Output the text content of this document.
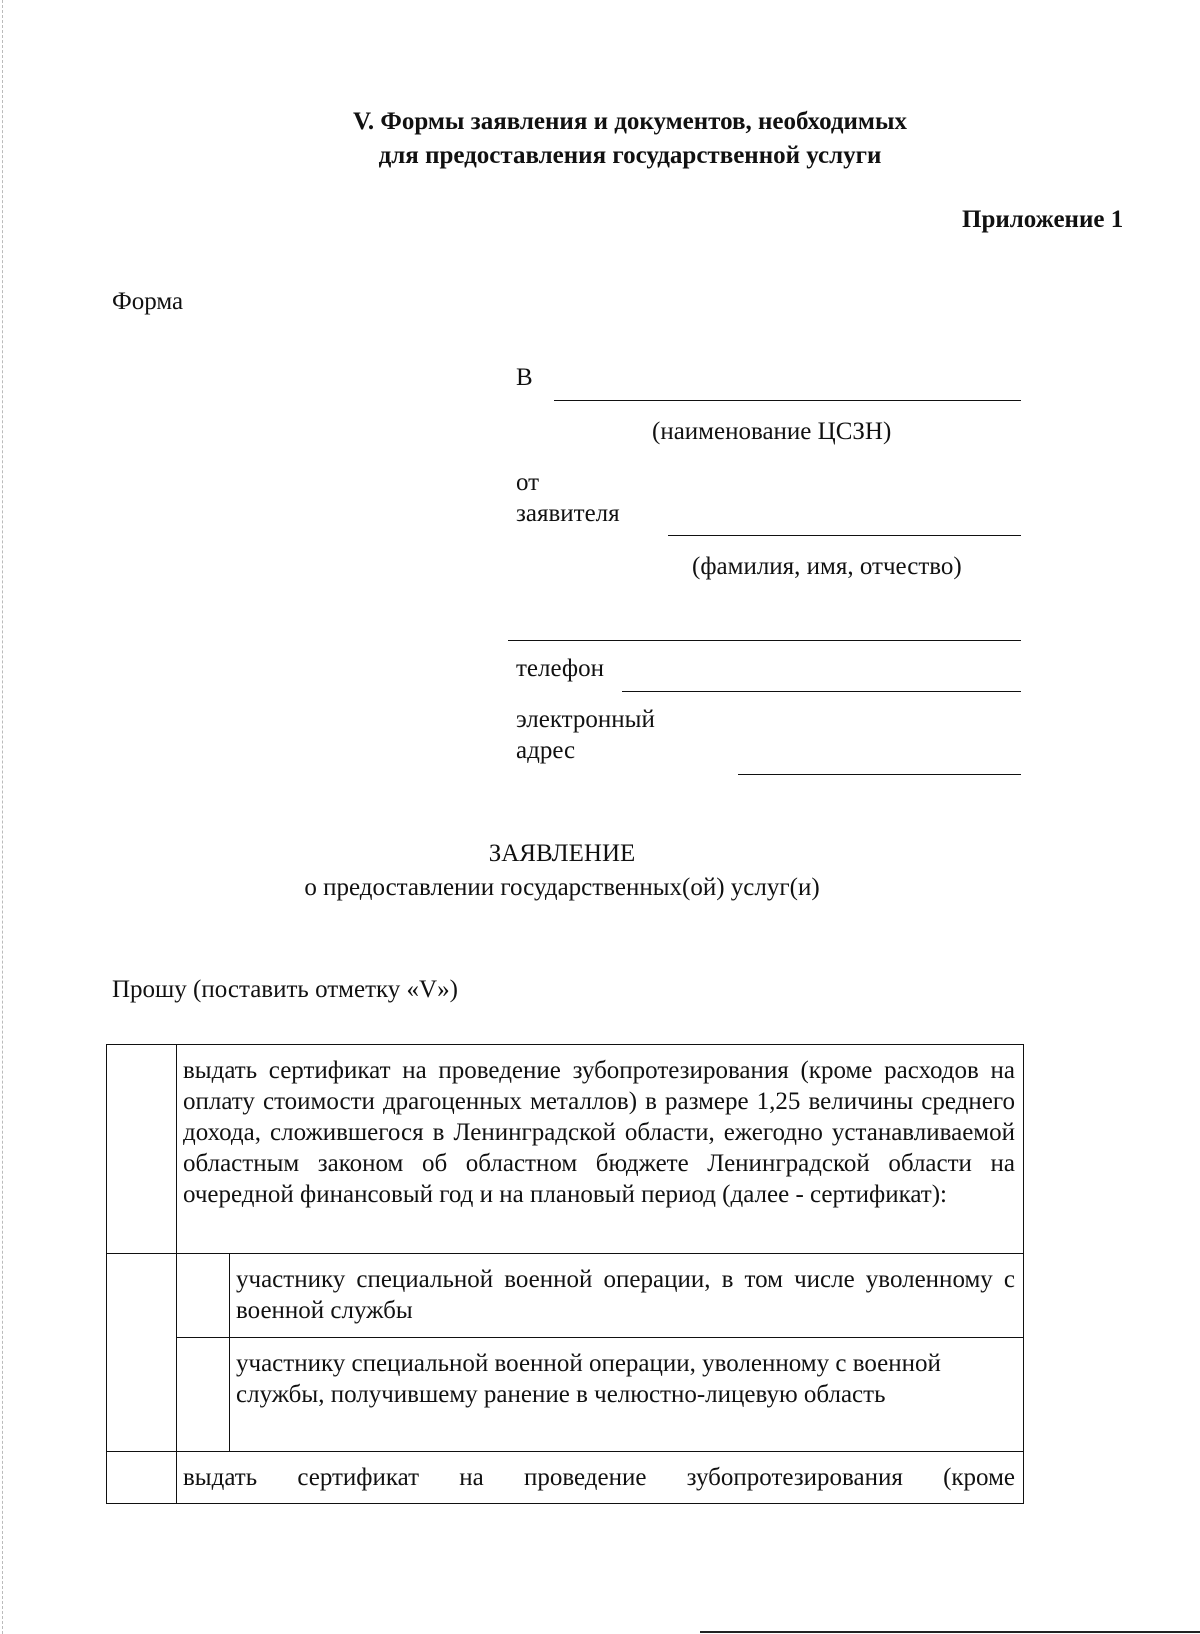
V. Формы заявления и документов, необходимых
для предоставления государственной услуги
Приложение 1
Форма
В
(наименование ЦСЗН)
от
заявителя
(фамилия, имя, отчество)
телефон
электронный
адрес
ЗАЯВЛЕНИЕ
о предоставлении государственных(ой) услуг(и)
Прошу (поставить отметку «V»)

	выдать сертификат на проведение зубопротезирования (кроме расходов на оплату стоимости драгоценных металлов) в размере 1,25 величины среднего дохода, сложившегося в Ленинградской области, ежегодно устанавливаемой областным законом об областном бюджете Ленинградской области на очередной финансовый год и на плановый период (далее - сертификат):	

		участнику специальной военной операции, в том числе уволенному с военной службы

		участнику специальной военной операции, уволенному с военной службы, получившему ранение в челюстно-лицевую область

	выдать сертификат на проведение зубопротезирования (кроме	
